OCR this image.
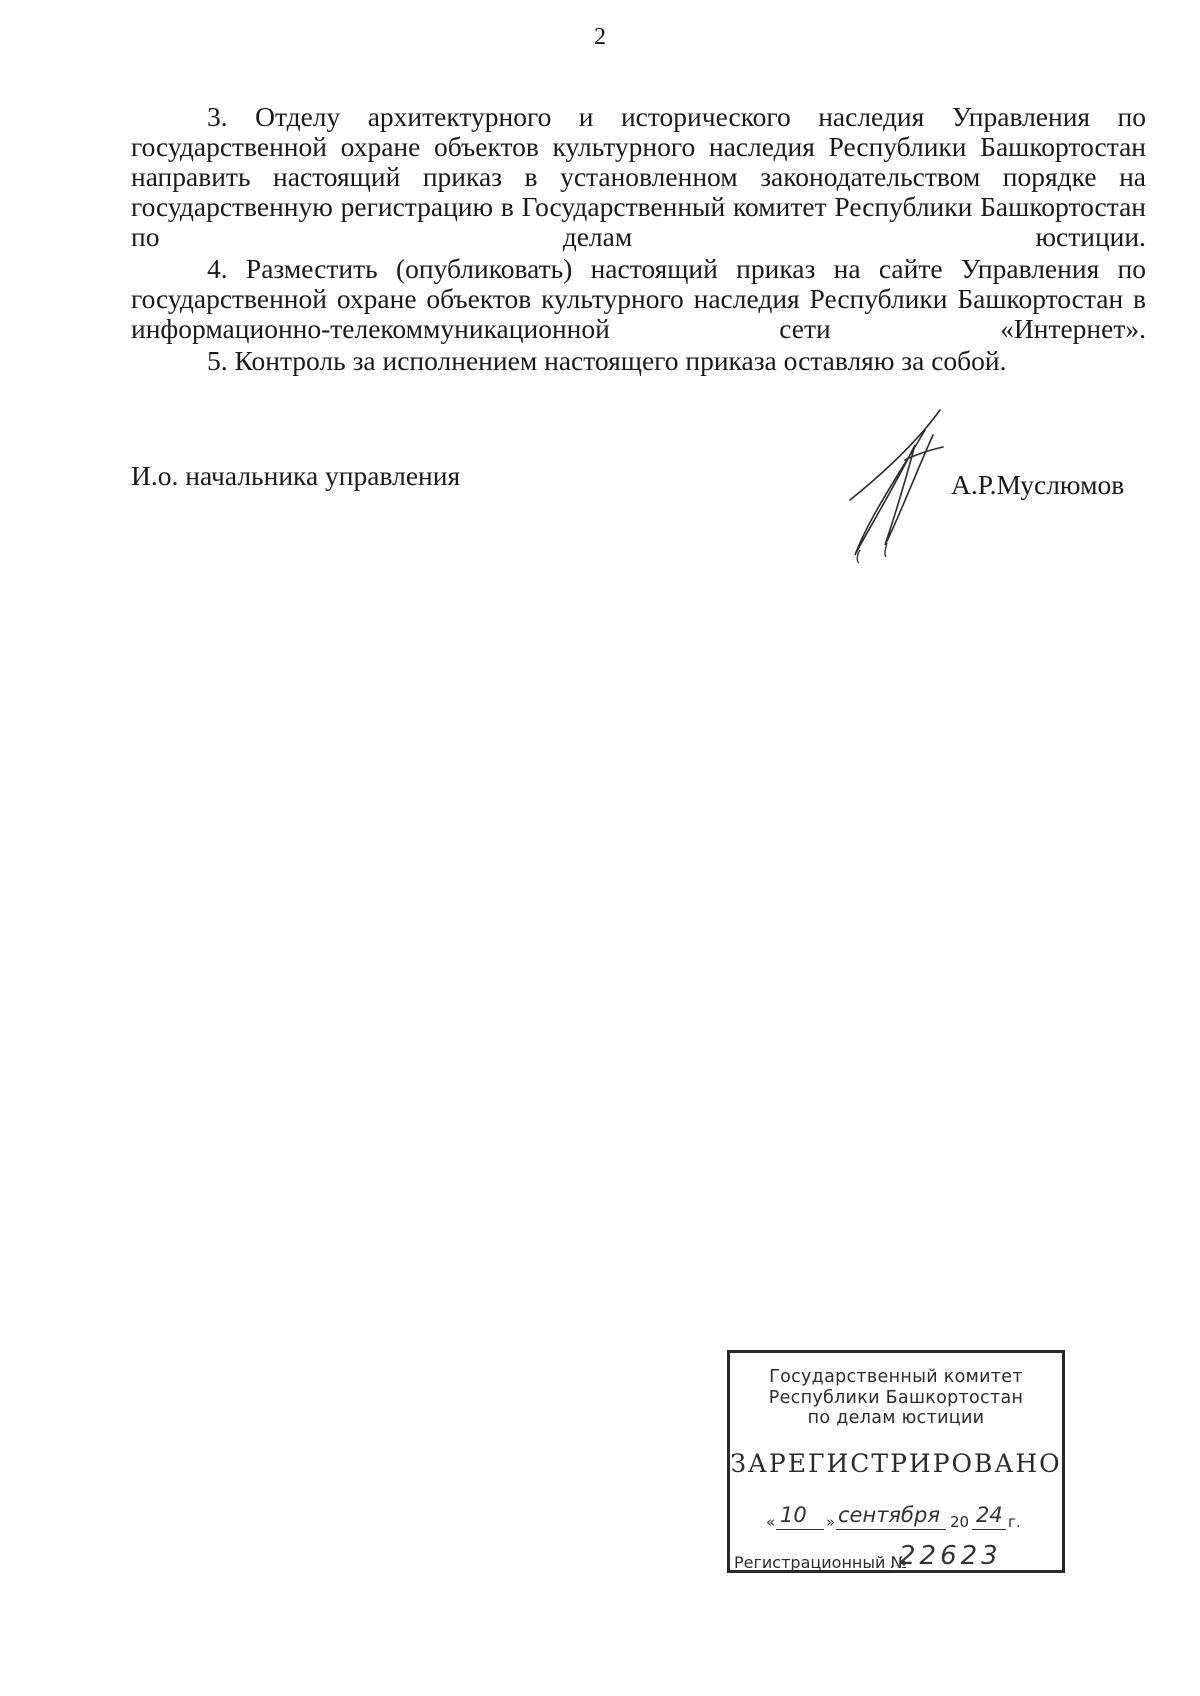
2

3. Отделу архитектурного и исторического наследия Управления по государственной охране объектов культурного наследия Республики Башкортостан направить настоящий приказ в установленном законодательством порядке на государственную регистрацию в Государственный комитет Республики Башкортостан по делам юстиции.

4. Разместить (опубликовать) настоящий приказ на сайте Управления по государственной охране объектов культурного наследия Республики Башкортостан в информационно-телекоммуникационной сети «Интернет».

5. Контроль за исполнением настоящего приказа оставляю за собой.

И.о. начальника управления	А.Р.Муслюмов
Государственный комитет
Республики Башкортостан
по делам юстиции
ЗАРЕГИСТРИРОВАНО
« 10 » сентября 20 24 г.
Регистрационный №
22623
